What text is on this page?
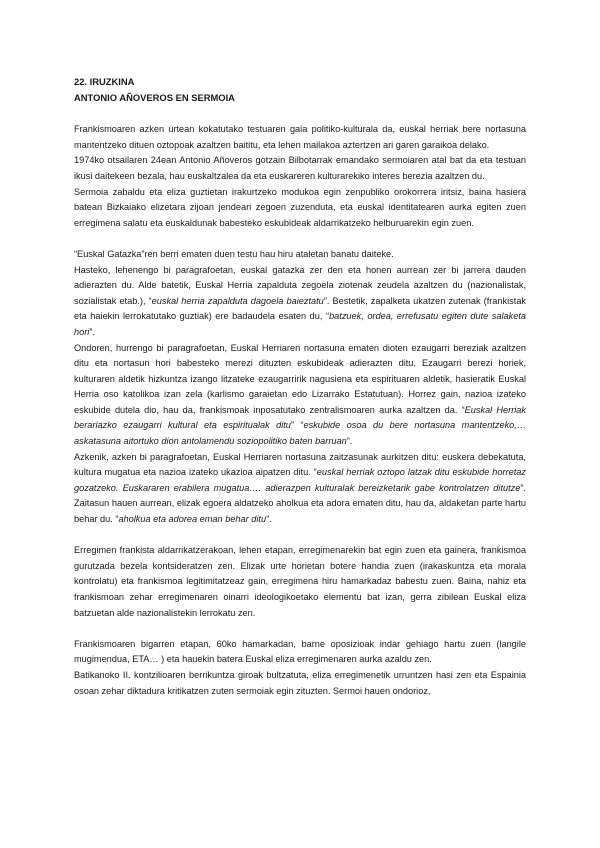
22. IRUZKINA
ANTONIO AÑOVEROS EN SERMOIA

Frankismoaren azken urtean kokatutako testuaren gaia politiko-kulturala da, euskal herriak bere nortasuna mantentzeko dituen oztopoak azaltzen baititu, eta lehen mailakoa aztertzen ari garen garaikoa delako.

1974ko otsailaren 24ean Antonio Añoveros gotzain Bilbotarrak emandako sermoiaren atal bat da eta testuan ikusi daitekeen bezala, hau euskaltzalea da eta euskareren kulturarekiko interes berezia azaltzen du.

Sermoia zabaldu eta eliza guztietan irakurtzeko modukoa egin zenpubliko orokorrera iritsiz, baina hasiera batean Bizkaiako elizetara zijoan jendeari zegoen zuzenduta, eta euskal identitatearen aurka egiten zuen erregimena salatu eta euskaldunak babesteko eskubideak aldarrikatzeko helburuarekin egin zuen.

“Euskal Gatazka”ren berri ematen duen testu hau hiru ataletan banatu daiteke.

Hasteko, lehenengo bi paragrafoetan, euskal gatazka zer den eta honen aurrean zer bi jarrera dauden adierazten du. Alde batetik, Euskal Herria zapalduta zegoela ziotenak zeudela azaltzen du (nazionalistak, sozialistak etab.), “euskal herria zapalduta dagoela baieztatu”. Bestetik, zapalketa ukatzen zutenak (frankistak eta haiekin lerrokatutako guztiak) ere badaudela esaten du, “batzuek, ordea, errefusatu egiten dute salaketa hori”.

Ondoren, hurrengo bi paragrafoetan, Euskal Herriaren nortasuna ematen dioten ezaugarri bereziak azaltzen ditu eta nortasun hori babesteko merezi dituzten eskubideak adierazten ditu. Ezaugarri berezi horiek, kulturaren aldetik hizkuntza izango litzateke ezaugarririk nagusiena eta espirituaren aldetik, hasieratik Euskal Herria oso katolikoa izan zela (karlismo garaietan edo Lizarrako Estatutuan). Horrez gain, nazioa izateko eskubide dutela dio, hau da, frankismoak inposatutako zentralismoaren aurka azaltzen da. “Euskal Herriak berariazko ezaugarri kultural eta espiritualak ditu” “eskubide osoa du bere nortasuna mantentzeko,… askatasuna aitortuko dion antolamendu soziopolitiko baten barruan”.

Azkenik, azken bi paragrafoetan, Euskal Herriaren nortasuna zaitzasunak aurkitzen ditu: euskera debekatuta, kultura mugatua eta nazioa izateko ukazioa aipatzen ditu. “euskal herriak oztopo latzak ditu eskubide horretaz gozatzeko. Euskararen erabilera mugatua…. adierazpen kulturalak bereizketarik gabe kontrolatzen ditutze”. Zaitasun hauen aurrean, elizak egoera aldatzeko aholkua eta adora ematen ditu, hau da, aldaketan parte hartu behar du. “aholkua eta adorea eman behar ditu”.

Erregimen frankista aldarrikatzerakoan, lehen etapan, erregimenarekin bat egin zuen eta gainera, frankismoa gurutzada bezela kontsideratzen zen. Elizak urte horietan botere handia zuen (irakaskuntza eta morala kontrolatu) eta frankismoa legitimitatzeaz gain, erregimena hiru hamarkadaz babestu zuen. Baina, nahiz eta frankismoan zehar erregimenaren oinarri ideologikoetako elementu bat izan, gerra zibilean Euskal eliza batzuetan alde nazionalistekin lerrokatu zen.

Frankismoaren bigarren etapan, 60ko hamarkadan, barne oposizioak indar gehiago hartu zuen (langile mugimendua, ETA… ) eta hauekin batera Euskal eliza erregimenaren aurka azaldu zen.

Batikanoko II. kontzilioaren berrikuntza giroak bultzatuta, eliza erregimenetik urruntzen hasi zen eta Espainia osoan zehar diktadura kritikatzen zuten sermoiak egin zituzten. Sermoi hauen ondorioz,
